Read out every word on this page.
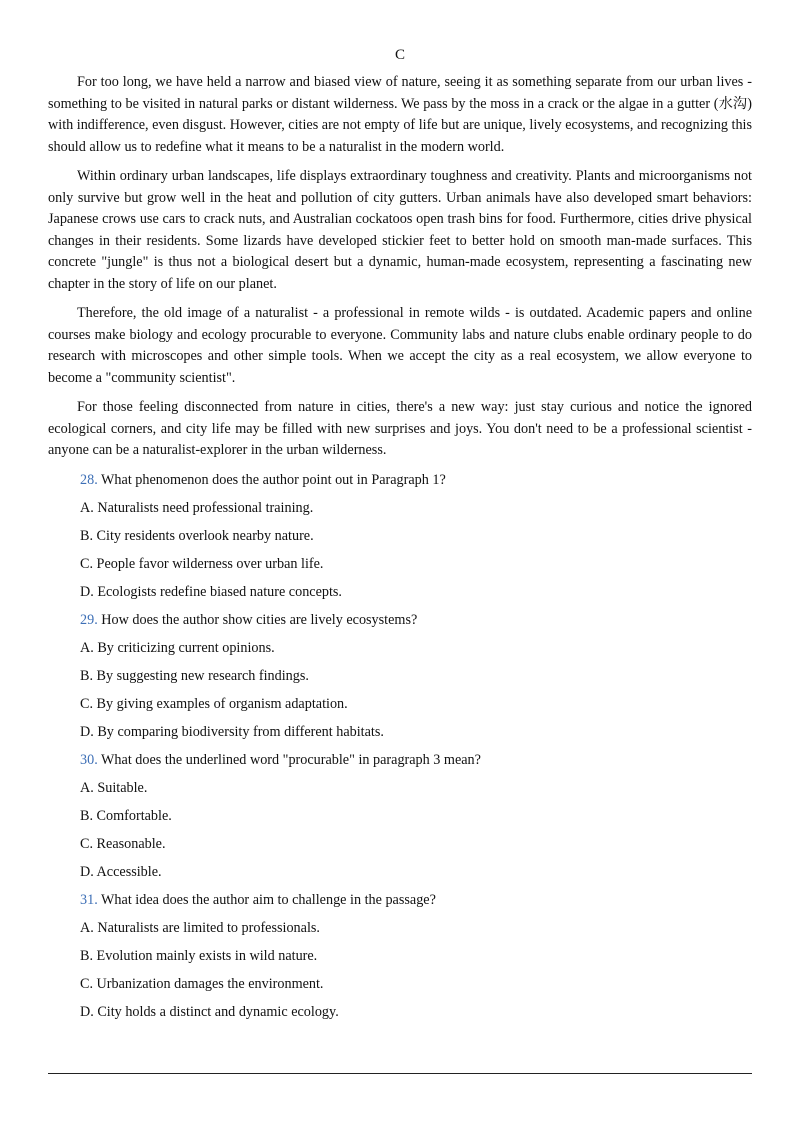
C

For too long, we have held a narrow and biased view of nature, seeing it as something separate from our urban lives - something to be visited in natural parks or distant wilderness. We pass by the moss in a crack or the algae in a gutter (水沟) with indifference, even disgust. However, cities are not empty of life but are unique, lively ecosystems, and recognizing this should allow us to redefine what it means to be a naturalist in the modern world.

Within ordinary urban landscapes, life displays extraordinary toughness and creativity. Plants and microorganisms not only survive but grow well in the heat and pollution of city gutters. Urban animals have also developed smart behaviors: Japanese crows use cars to crack nuts, and Australian cockatoos open trash bins for food. Furthermore, cities drive physical changes in their residents. Some lizards have developed stickier feet to better hold on smooth man-made surfaces. This concrete "jungle" is thus not a biological desert but a dynamic, human-made ecosystem, representing a fascinating new chapter in the story of life on our planet.

Therefore, the old image of a naturalist - a professional in remote wilds - is outdated. Academic papers and online courses make biology and ecology procurable to everyone. Community labs and nature clubs enable ordinary people to do research with microscopes and other simple tools. When we accept the city as a real ecosystem, we allow everyone to become a "community scientist".

For those feeling disconnected from nature in cities, there's a new way: just stay curious and notice the ignored ecological corners, and city life may be filled with new surprises and joys. You don't need to be a professional scientist - anyone can be a naturalist-explorer in the urban wilderness.

28. What phenomenon does the author point out in Paragraph 1?
A. Naturalists need professional training.
B. City residents overlook nearby nature.
C. People favor wilderness over urban life.
D. Ecologists redefine biased nature concepts.
29. How does the author show cities are lively ecosystems?
A. By criticizing current opinions.
B. By suggesting new research findings.
C. By giving examples of organism adaptation.
D. By comparing biodiversity from different habitats.
30. What does the underlined word "procurable" in paragraph 3 mean?
A. Suitable.
B. Comfortable.
C. Reasonable.
D. Accessible.
31. What idea does the author aim to challenge in the passage?
A. Naturalists are limited to professionals.
B. Evolution mainly exists in wild nature.
C. Urbanization damages the environment.
D. City holds a distinct and dynamic ecology.
